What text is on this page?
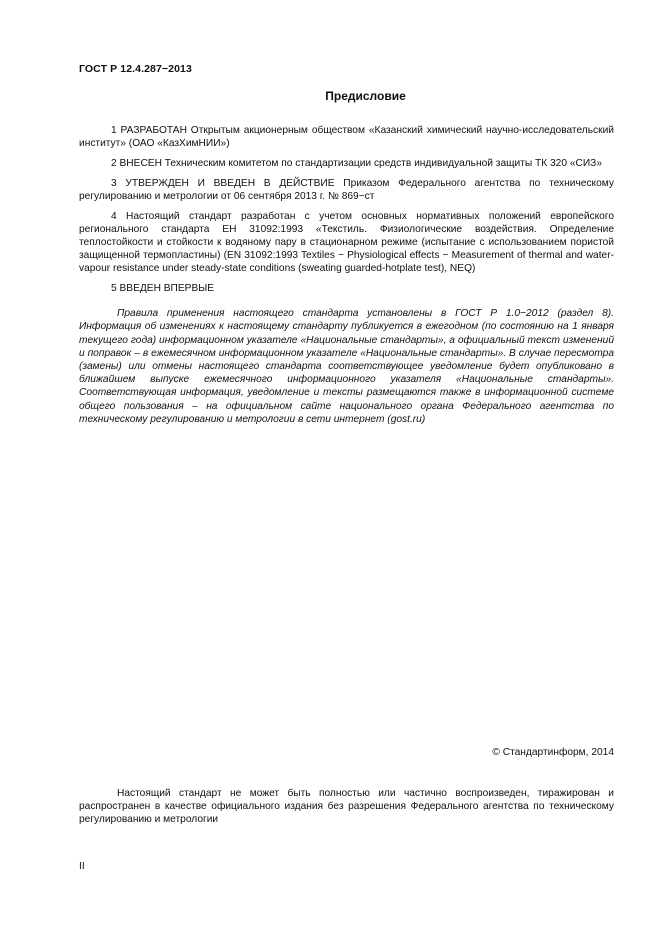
ГОСТ Р 12.4.287−2013
Предисловие

1 РАЗРАБОТАН Открытым акционерным обществом «Казанский химический научно-исследовательский институт» (ОАО «КазХимНИИ»)

2 ВНЕСЕН Техническим комитетом по стандартизации средств индивидуальной защиты ТК 320 «СИЗ»

3 УТВЕРЖДЕН И ВВЕДЕН В ДЕЙСТВИЕ Приказом Федерального агентства по техническому регулированию и метрологии от 06 сентября 2013 г. № 869−ст

4 Настоящий стандарт разработан с учетом основных нормативных положений европейского регионального стандарта ЕН 31092:1993 «Текстиль. Физиологические воздействия. Определение теплостойкости и стойкости к водяному пару в стационарном режиме (испытание с использованием пористой защищенной термопластины) (EN 31092:1993 Textiles − Physiological effects − Measurement of thermal and water-vapour resistance under steady-state conditions (sweating guarded-hotplate test), NEQ)

5 ВВЕДЕН ВПЕРВЫЕ

Правила применения настоящего стандарта установлены в ГОСТ Р 1.0−2012 (раздел 8). Информация об изменениях к настоящему стандарту публикуется в ежегодном (по состоянию на 1 января текущего года) информационном указателе «Национальные стандарты», а официальный текст изменений и поправок – в ежемесячном информационном указателе «Национальные стандарты». В случае пересмотра (замены) или отмены настоящего стандарта соответствующее уведомление будет опубликовано в ближайшем выпуске ежемесячного информационного указателя «Национальные стандарты». Соответствующая информация, уведомление и тексты размещаются также в информационной системе общего пользования – на официальном сайте национального органа Федерального агентства по техническому регулированию и метрологии в сети интернет (gost.ru)

© Стандартинформ, 2014

Настоящий стандарт не может быть полностью или частично воспроизведен, тиражирован и распространен в качестве официального издания без разрешения Федерального агентства по техническому регулированию и метрологии

II
